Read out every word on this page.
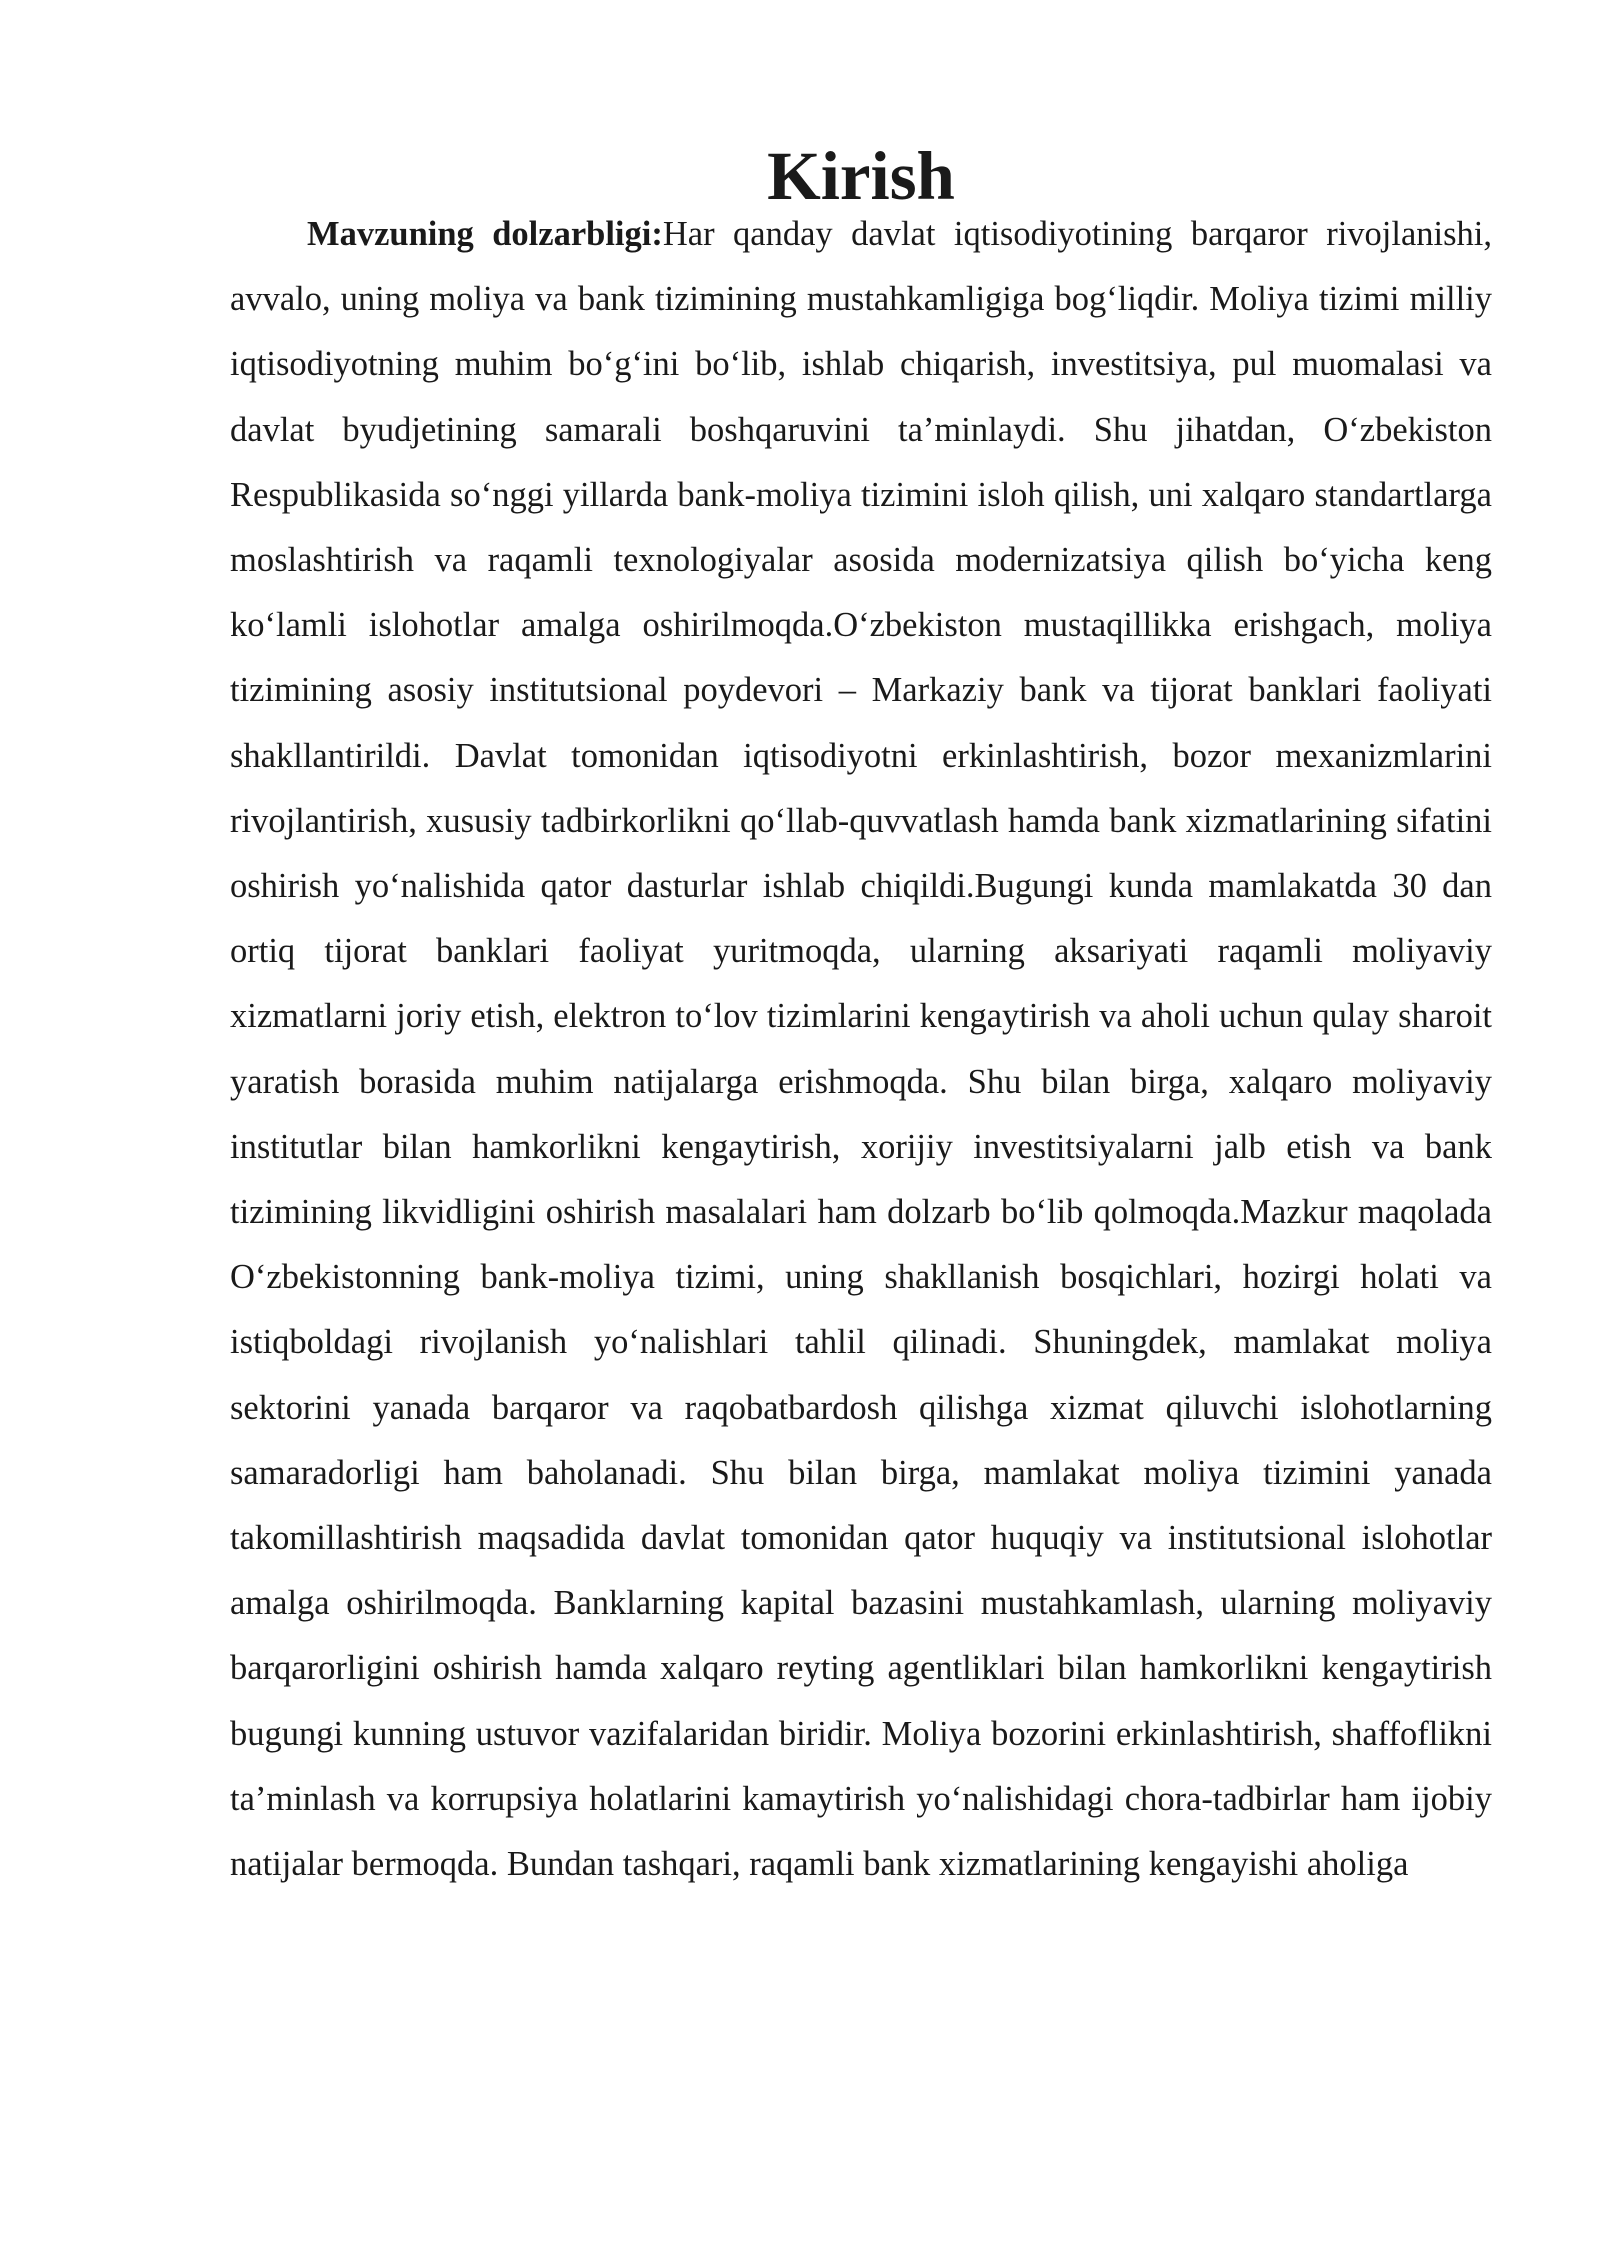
Kirish

Mavzuning dolzarbligi:Har qanday davlat iqtisodiyotining barqaror rivojlanishi, avvalo, uning moliya va bank tizimining mustahkamligiga bog‘liqdir. Moliya tizimi milliy iqtisodiyotning muhim bo‘g‘ini bo‘lib, ishlab chiqarish, investitsiya, pul muomalasi va davlat byudjetining samarali boshqaruvini ta’minlaydi. Shu jihatdan, O‘zbekiston Respublikasida so‘nggi yillarda bank-moliya tizimini isloh qilish, uni xalqaro standartlarga moslashtirish va raqamli texnologiyalar asosida modernizatsiya qilish bo‘yicha keng ko‘lamli islohotlar amalga oshirilmoqda.O‘zbekiston mustaqillikka erishgach, moliya tizimining asosiy institutsional poydevori – Markaziy bank va tijorat banklari faoliyati shakllantirildi. Davlat tomonidan iqtisodiyotni erkinlashtirish, bozor mexanizmlarini rivojlantirish, xususiy tadbirkorlikni qo‘llab-quvvatlash hamda bank xizmatlarining sifatini oshirish yo‘nalishida qator dasturlar ishlab chiqildi.Bugungi kunda mamlakatda 30 dan ortiq tijorat banklari faoliyat yuritmoqda, ularning aksariyati raqamli moliyaviy xizmatlarni joriy etish, elektron to‘lov tizimlarini kengaytirish va aholi uchun qulay sharoit yaratish borasida muhim natijalarga erishmoqda. Shu bilan birga, xalqaro moliyaviy institutlar bilan hamkorlikni kengaytirish, xorijiy investitsiyalarni jalb etish va bank tizimining likvidligini oshirish masalalari ham dolzarb bo‘lib qolmoqda.Mazkur maqolada O‘zbekistonning bank-moliya tizimi, uning shakllanish bosqichlari, hozirgi holati va istiqboldagi rivojlanish yo‘nalishlari tahlil qilinadi. Shuningdek, mamlakat moliya sektorini yanada barqaror va raqobatbardosh qilishga xizmat qiluvchi islohotlarning samaradorligi ham baholanadi. Shu bilan birga, mamlakat moliya tizimini yanada takomillashtirish maqsadida davlat tomonidan qator huquqiy va institutsional islohotlar amalga oshirilmoqda. Banklarning kapital bazasini mustahkamlash, ularning moliyaviy barqarorligini oshirish hamda xalqaro reyting agentliklari bilan hamkorlikni kengaytirish bugungi kunning ustuvor vazifalaridan biridir. Moliya bozorini erkinlashtirish, shaffoflikni ta’minlash va korrupsiya holatlarini kamaytirish yo‘nalishidagi chora-tadbirlar ham ijobiy natijalar bermoqda. Bundan tashqari, raqamli bank xizmatlarining kengayishi aholiga
